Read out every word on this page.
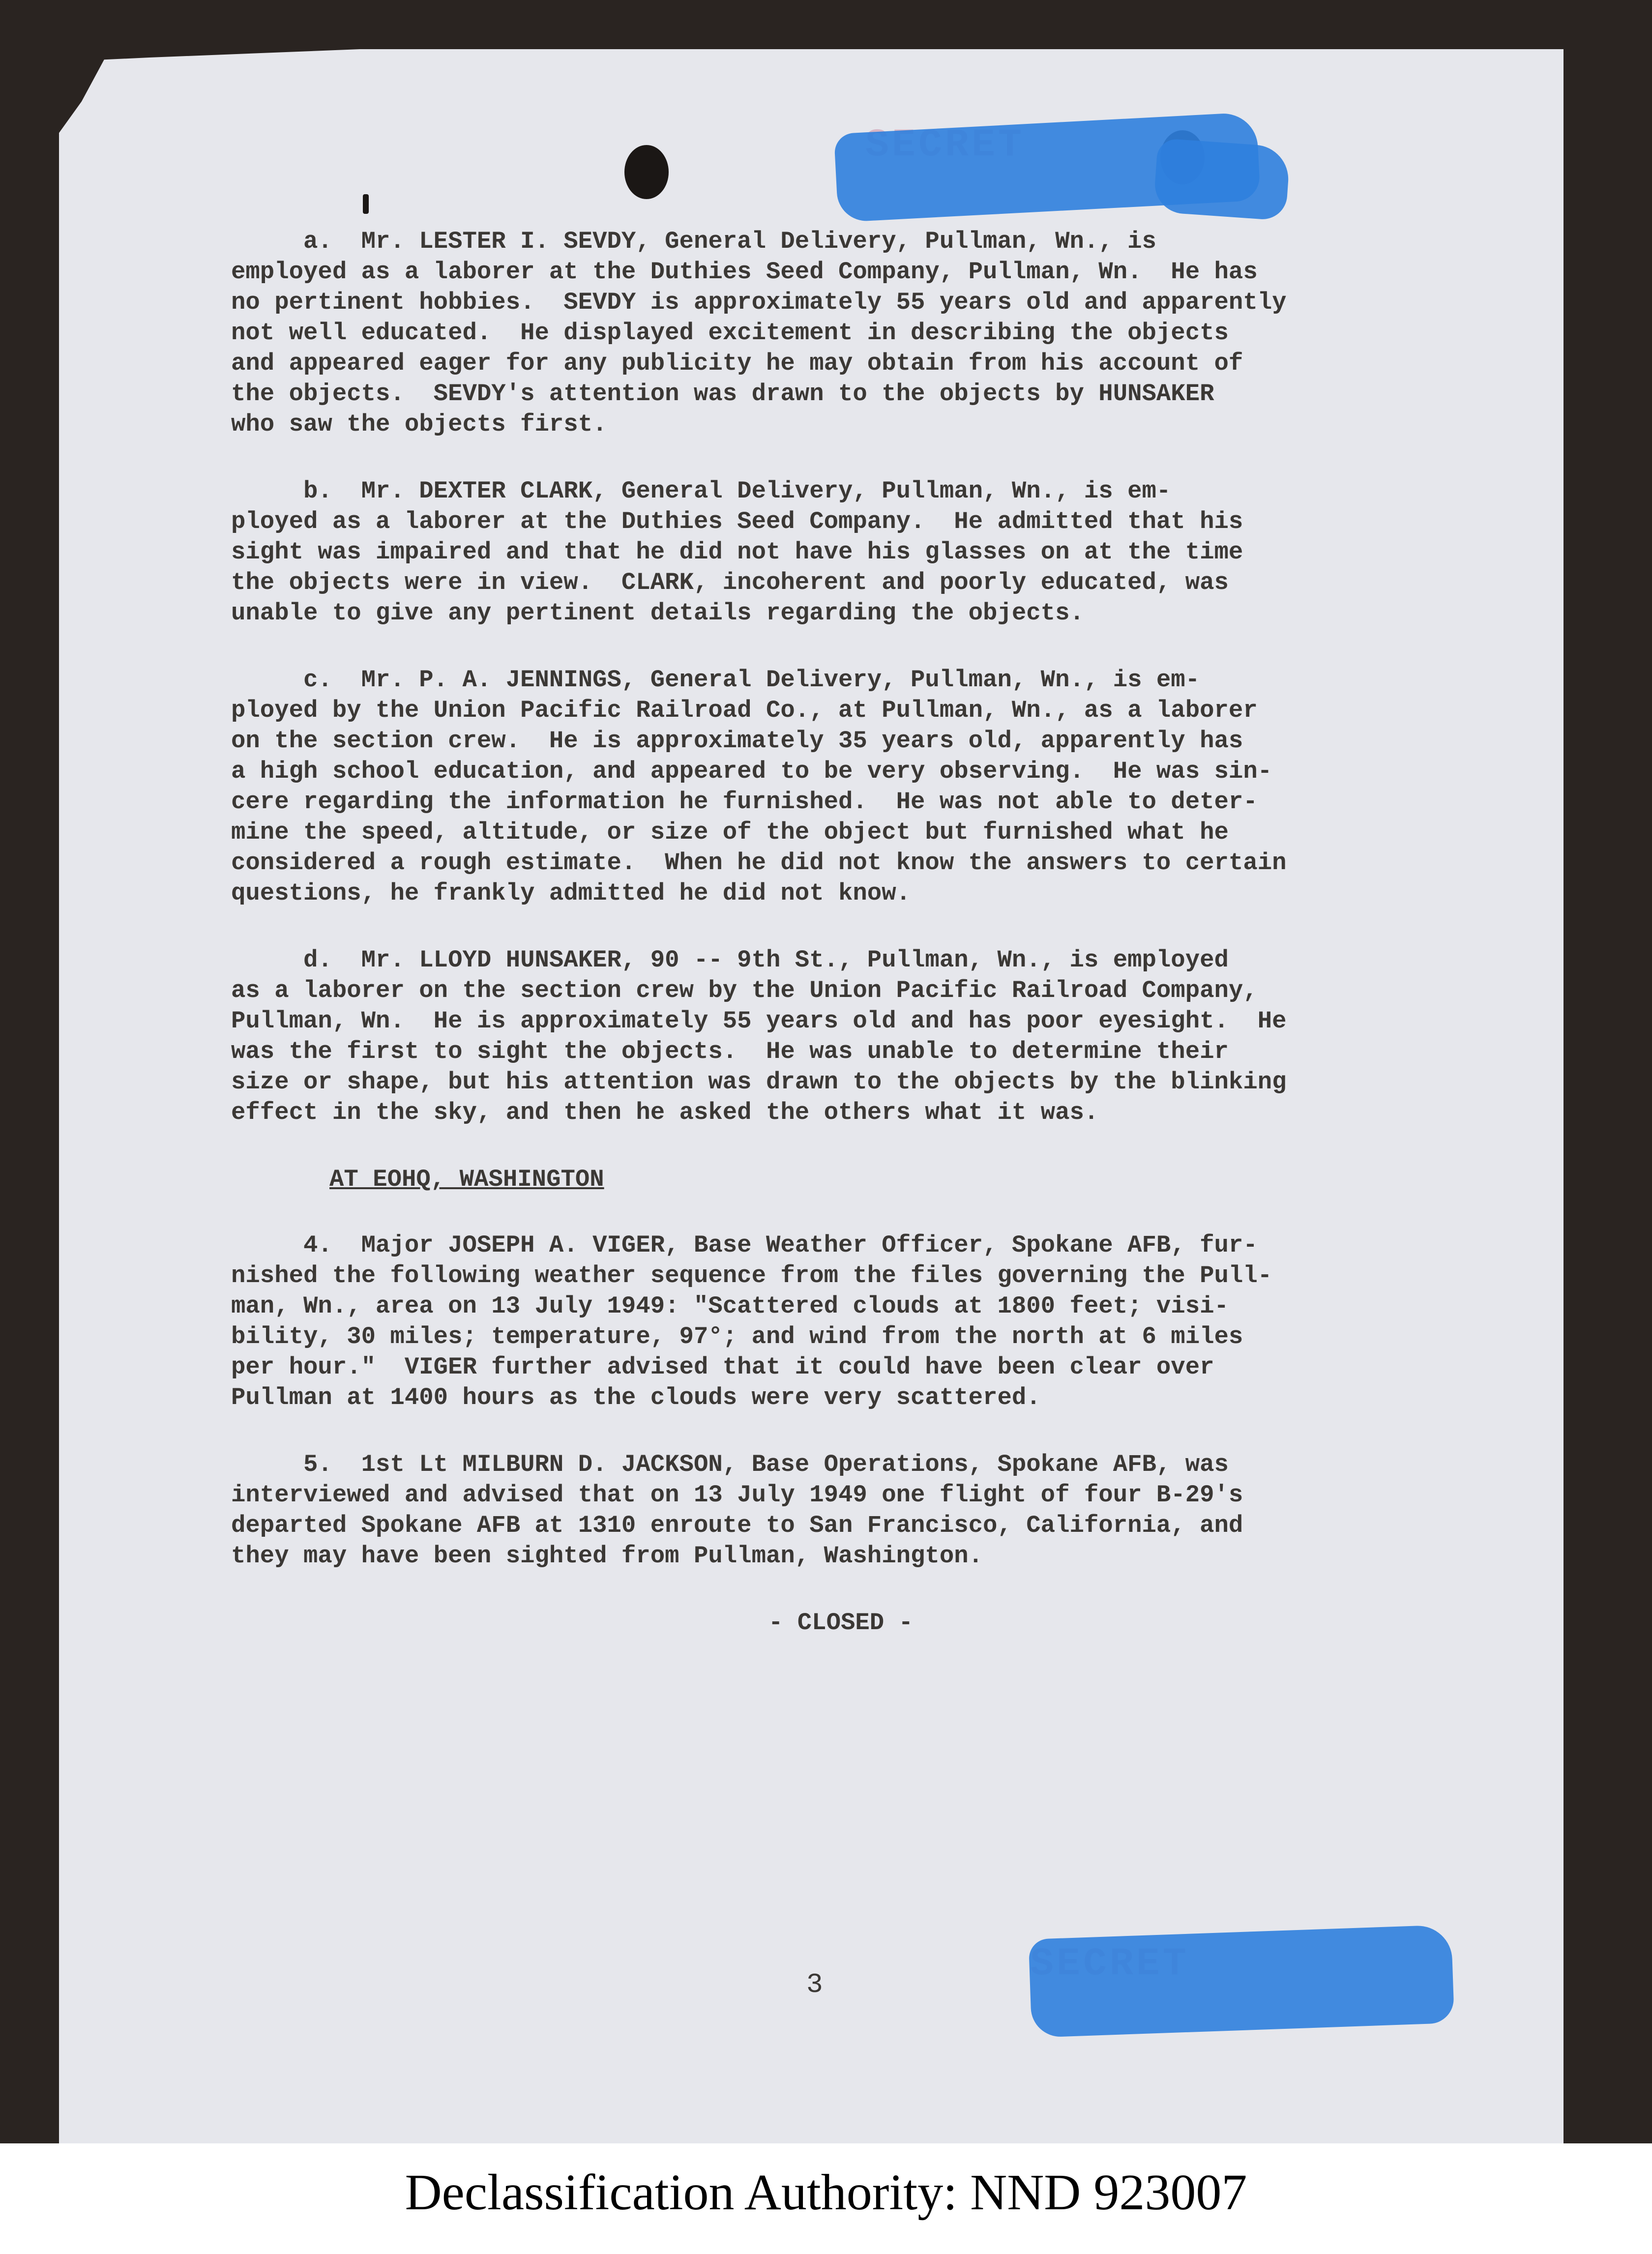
a.  Mr. LESTER I. SEVDY, General Delivery, Pullman, Wn., is
employed as a laborer at the Duthies Seed Company, Pullman, Wn.  He has
no pertinent hobbies.  SEVDY is approximately 55 years old and apparently
not well educated.  He displayed excitement in describing the objects
and appeared eager for any publicity he may obtain from his account of
the objects.  SEVDY's attention was drawn to the objects by HUNSAKER
who saw the objects first.
b.  Mr. DEXTER CLARK, General Delivery, Pullman, Wn., is em-
ployed as a laborer at the Duthies Seed Company.  He admitted that his
sight was impaired and that he did not have his glasses on at the time
the objects were in view.  CLARK, incoherent and poorly educated, was
unable to give any pertinent details regarding the objects.
c.  Mr. P. A. JENNINGS, General Delivery, Pullman, Wn., is em-
ployed by the Union Pacific Railroad Co., at Pullman, Wn., as a laborer
on the section crew.  He is approximately 35 years old, apparently has
a high school education, and appeared to be very observing.  He was sin-
cere regarding the information he furnished.  He was not able to deter-
mine the speed, altitude, or size of the object but furnished what he
considered a rough estimate.  When he did not know the answers to certain
questions, he frankly admitted he did not know.
d.  Mr. LLOYD HUNSAKER, 90 -- 9th St., Pullman, Wn., is employed
as a laborer on the section crew by the Union Pacific Railroad Company,
Pullman, Wn.  He is approximately 55 years old and has poor eyesight.  He
was the first to sight the objects.  He was unable to determine their
size or shape, but his attention was drawn to the objects by the blinking
effect in the sky, and then he asked the others what it was.
AT EOHQ, WASHINGTON
4.  Major JOSEPH A. VIGER, Base Weather Officer, Spokane AFB, fur-
nished the following weather sequence from the files governing the Pull-
man, Wn., area on 13 July 1949: "Scattered clouds at 1800 feet; visi-
bility, 30 miles; temperature, 97°; and wind from the north at 6 miles
per hour."  VIGER further advised that it could have been clear over
Pullman at 1400 hours as the clouds were very scattered.
5.  1st Lt MILBURN D. JACKSON, Base Operations, Spokane AFB, was
interviewed and advised that on 13 July 1949 one flight of four B-29's
departed Spokane AFB at 1310 enroute to San Francisco, California, and
they may have been sighted from Pullman, Washington.
- CLOSED -
3
Declassification Authority: NND 923007
